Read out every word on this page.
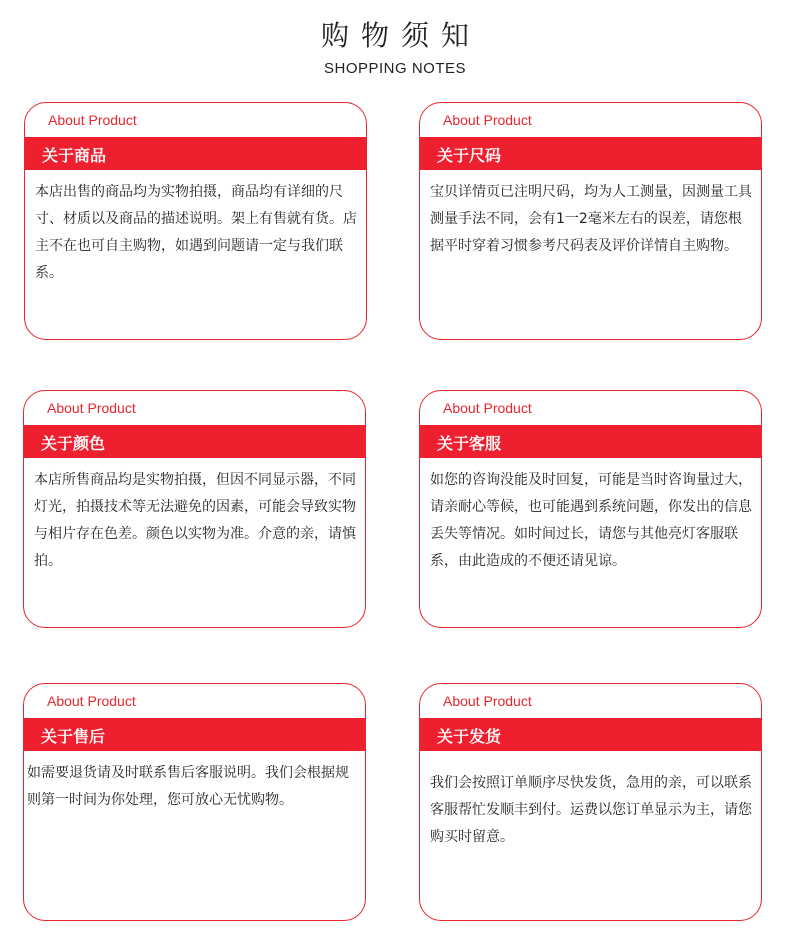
购物须知
SHOPPING NOTES
About Product
关于商品
本店出售的商品均为实物拍摄，商品均有详细的尺寸、材质以及商品的描述说明。架上有售就有货。店主不在也可自主购物，如遇到问题请一定与我们联系。
About Product
关于尺码
宝贝详情页已注明尺码，均为人工测量，因测量工具测量手法不同，会有1一2毫米左右的误差，请您根据平时穿着习惯参考尺码表及评价详情自主购物。
About Product
关于颜色
本店所售商品均是实物拍摄，但因不同显示器，不同灯光，拍摄技术等无法避免的因素，可能会导致实物与相片存在色差。颜色以实物为准。介意的亲，请慎拍。
About Product
关于客服
如您的咨询没能及时回复，可能是当时咨询量过大，请亲耐心等候，也可能遇到系统问题，你发出的信息丢失等情况。如时间过长，请您与其他亮灯客服联系，由此造成的不便还请见谅。
About Product
关于售后
如需要退货请及时联系售后客服说明。我们会根据规则第一时间为你处理，您可放心无忧购物。
About Product
关于发货
我们会按照订单顺序尽快发货，急用的亲，可以联系客服帮忙发顺丰到付。运费以您订单显示为主，请您购买时留意。
